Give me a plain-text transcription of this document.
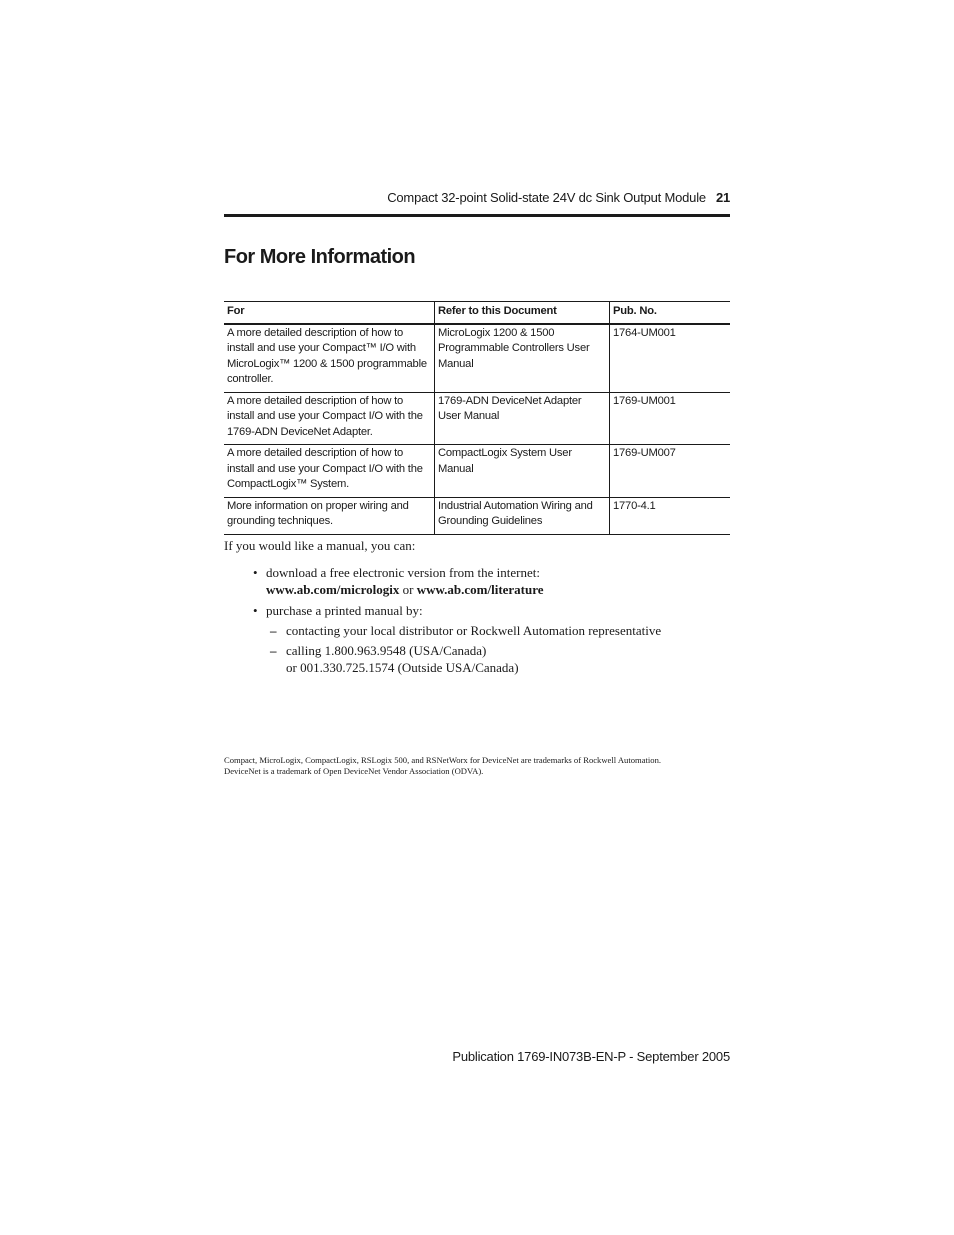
Compact 32-point Solid-state 24V dc Sink Output Module 21
For More Information
For	Refer to this Document	Pub. No.
A more detailed description of how to install and use your Compact™ I/O with MicroLogix™ 1200 & 1500 programmable controller.	MicroLogix 1200 & 1500 Programmable Controllers User Manual	1764-UM001
A more detailed description of how to install and use your Compact I/O with the 1769-ADN DeviceNet Adapter.	1769-ADN DeviceNet Adapter User Manual	1769-UM001
A more detailed description of how to install and use your Compact I/O with the CompactLogix™ System.	CompactLogix System User Manual	1769-UM007
More information on proper wiring and grounding techniques.	Industrial Automation Wiring and Grounding Guidelines	1770-4.1
If you would like a manual, you can:
• download a free electronic version from the internet:
www.ab.com/micrologix or www.ab.com/literature
• purchase a printed manual by:
– contacting your local distributor or Rockwell Automation representative
– calling 1.800.963.9548 (USA/Canada)
or 001.330.725.1574 (Outside USA/Canada)
Compact, MicroLogix, CompactLogix, RSLogix 500, and RSNetWorx for DeviceNet are trademarks of Rockwell Automation.
DeviceNet is a trademark of Open DeviceNet Vendor Association (ODVA).
Publication 1769-IN073B-EN-P - September 2005
